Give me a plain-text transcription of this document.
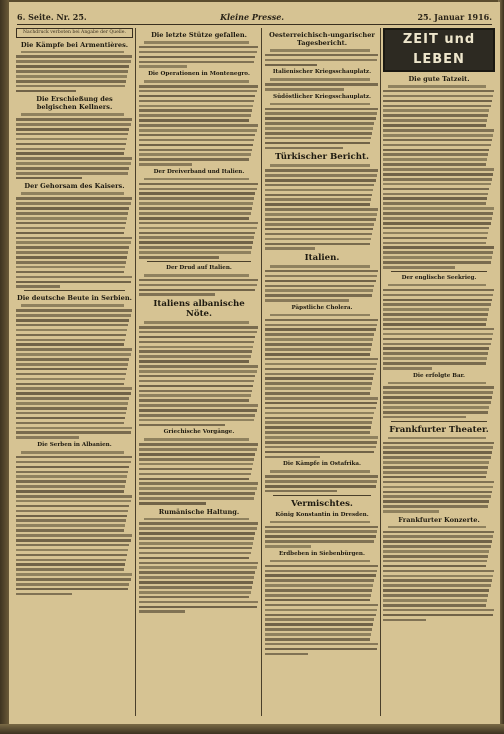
6. Seite. Nr. 25.	Kleine Presse.	25. Januar 1916.
Nachdruck verboten bei Angabe der Quelle.
Die Kämpfe bei Armentières.
Die Erschießung des belgischen Kellners.
Der Gehorsam des Kaisers.
Die deutsche Beute in Serbien.
Die Serben in Albanien.
Die letzte Stütze gefallen.
Die Operationen in Montenegro.
Der Dreiverband und Italien.
Der Drud auf Italien.
Italiens albanische Nöte.
Griechische Vorgänge.
Rumänische Haltung.
Oesterreichisch-ungarischer Tagesbericht.
Italienischer Kriegsschauplatz.
Südöstlicher Kriegsschauplatz.
Türkischer Bericht.
Italien.
Päpstliche Cholera.
Die Kämpfe in Ostafrika.
Vermischtes.
König Konstantin in Dresden.
Erdbeben in Siebenbürgen.
ZEIT und LEBEN
Die gute Tatzeit.
Der englische Seekrieg.
Die erfolgte Bar.
Frankfurter Theater.
Frankfurter Konzerte.
